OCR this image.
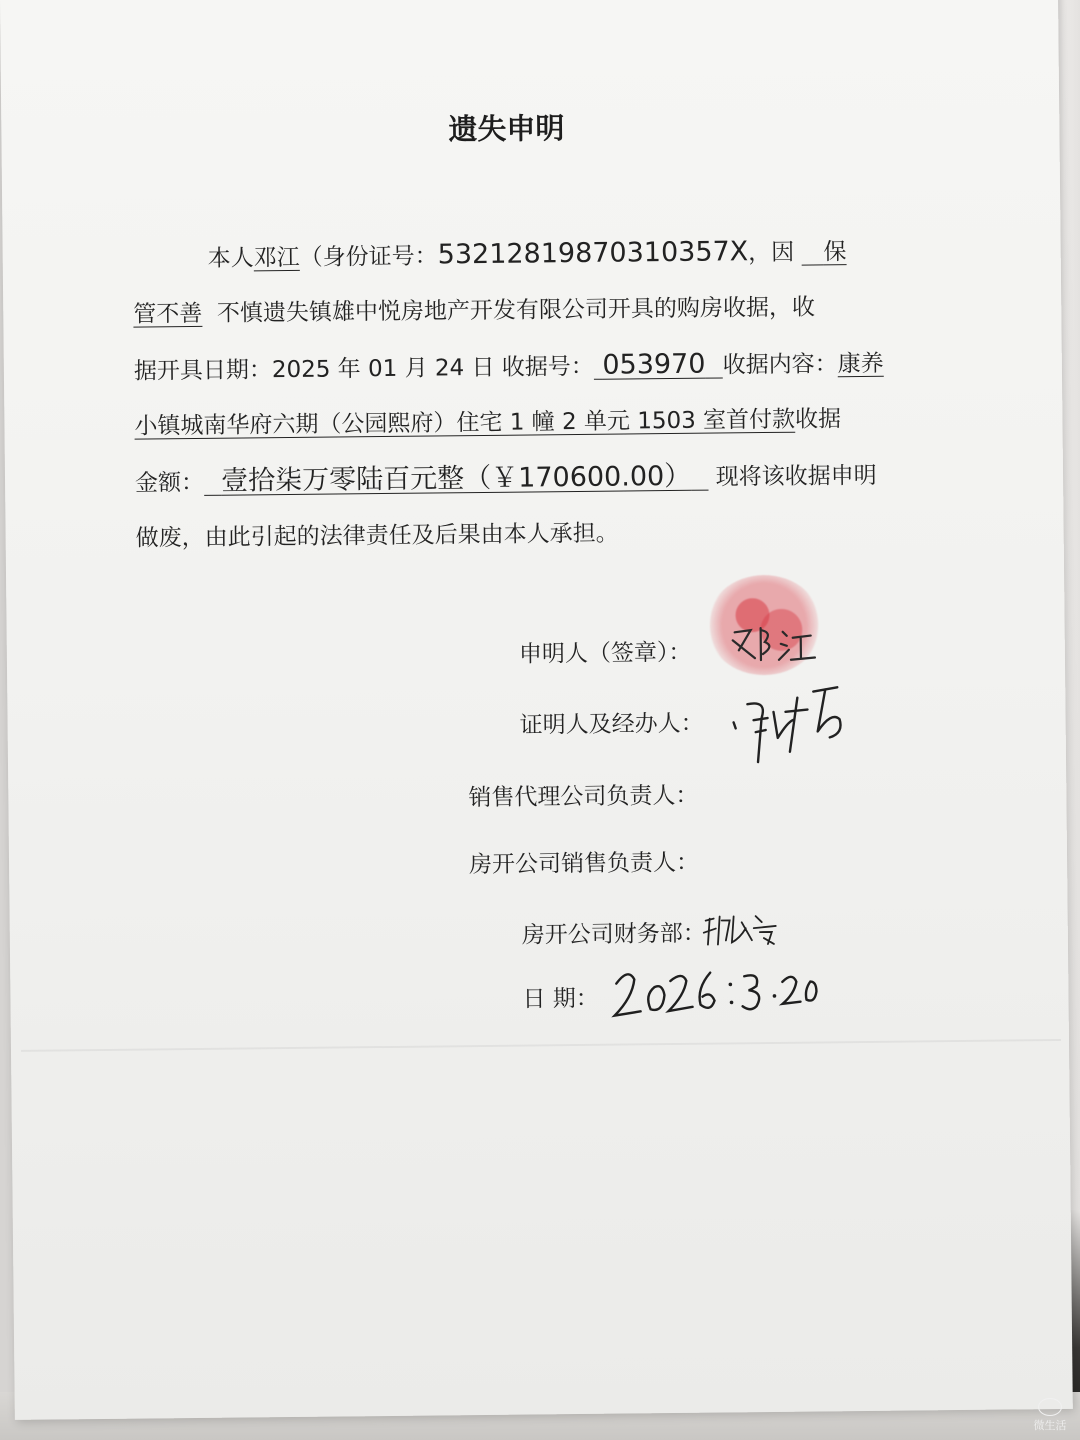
遗失申明
本人邓江（身份证号：53212819870310357X，因 保
管不善 不慎遗失镇雄中悦房地产开发有限公司开具的购房收据，收
据开具日期：2025 年 01 月 24 日 收据号： 053970 收据内容：康养
小镇城南华府六期（公园熙府）住宅 1 幢 2 单元 1503 室首付款收据
金额： 壹拾柒万零陆百元整（￥170600.00） 现将该收据申明
做废，由此引起的法律责任及后果由本人承担。
申明人（签章）：
证明人及经办人：
销售代理公司负责人：
房开公司销售负责人：
房开公司财务部：
日 期：
微生活
